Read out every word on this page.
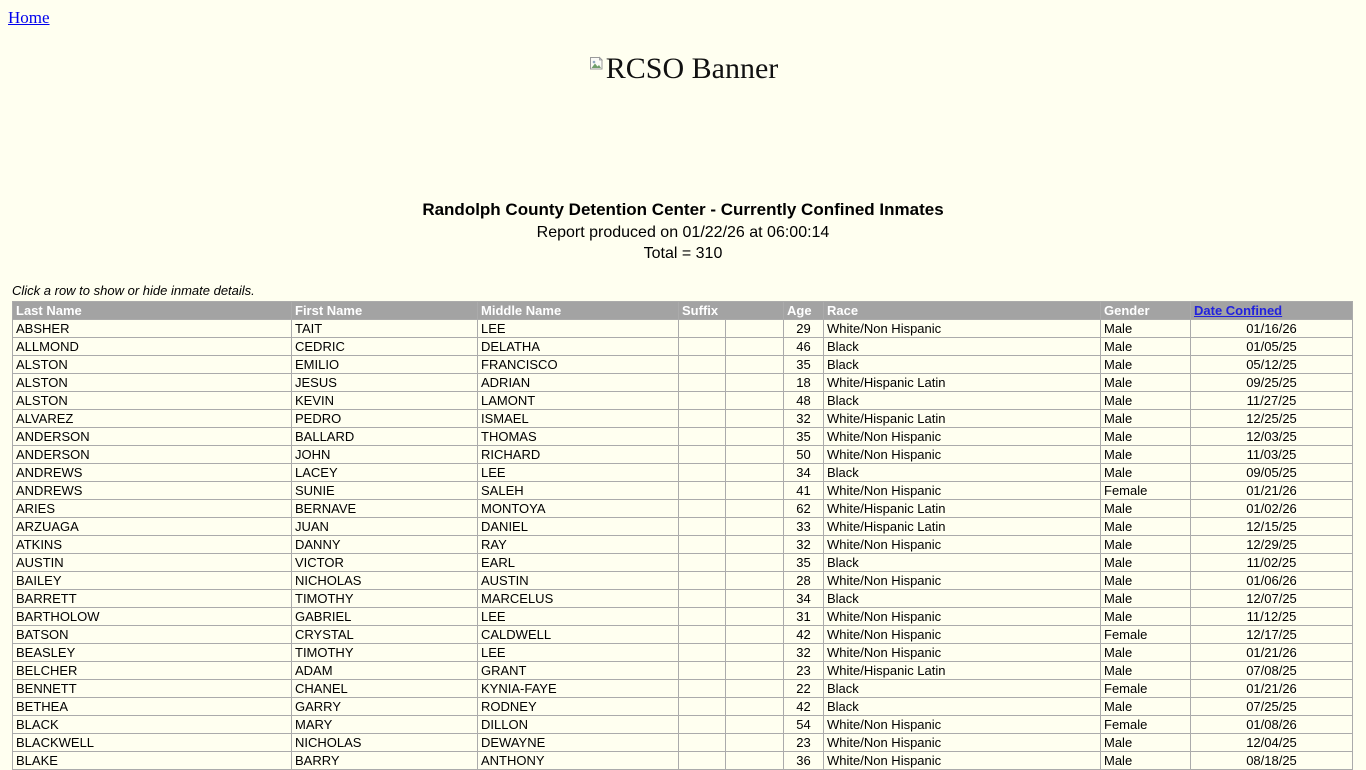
Home
RCSO Banner
Randolph County Detention Center - Currently Confined Inmates
Report produced on 01/22/26 at 06:00:14
Total = 310
Click a row to show or hide inmate details.
Last Name	First Name	Middle Name	Suffix		Age	Race	Gender	Date Confined
ABSHER	TAIT	LEE			29	White/Non Hispanic	Male	01/16/26
ALLMOND	CEDRIC	DELATHA			46	Black	Male	01/05/25
ALSTON	EMILIO	FRANCISCO			35	Black	Male	05/12/25
ALSTON	JESUS	ADRIAN			18	White/Hispanic Latin	Male	09/25/25
ALSTON	KEVIN	LAMONT			48	Black	Male	11/27/25
ALVAREZ	PEDRO	ISMAEL			32	White/Hispanic Latin	Male	12/25/25
ANDERSON	BALLARD	THOMAS			35	White/Non Hispanic	Male	12/03/25
ANDERSON	JOHN	RICHARD			50	White/Non Hispanic	Male	11/03/25
ANDREWS	LACEY	LEE			34	Black	Male	09/05/25
ANDREWS	SUNIE	SALEH			41	White/Non Hispanic	Female	01/21/26
ARIES	BERNAVE	MONTOYA			62	White/Hispanic Latin	Male	01/02/26
ARZUAGA	JUAN	DANIEL			33	White/Hispanic Latin	Male	12/15/25
ATKINS	DANNY	RAY			32	White/Non Hispanic	Male	12/29/25
AUSTIN	VICTOR	EARL			35	Black	Male	11/02/25
BAILEY	NICHOLAS	AUSTIN			28	White/Non Hispanic	Male	01/06/26
BARRETT	TIMOTHY	MARCELUS			34	Black	Male	12/07/25
BARTHOLOW	GABRIEL	LEE			31	White/Non Hispanic	Male	11/12/25
BATSON	CRYSTAL	CALDWELL			42	White/Non Hispanic	Female	12/17/25
BEASLEY	TIMOTHY	LEE			32	White/Non Hispanic	Male	01/21/26
BELCHER	ADAM	GRANT			23	White/Hispanic Latin	Male	07/08/25
BENNETT	CHANEL	KYNIA-FAYE			22	Black	Female	01/21/26
BETHEA	GARRY	RODNEY			42	Black	Male	07/25/25
BLACK	MARY	DILLON			54	White/Non Hispanic	Female	01/08/26
BLACKWELL	NICHOLAS	DEWAYNE			23	White/Non Hispanic	Male	12/04/25
BLAKE	BARRY	ANTHONY			36	White/Non Hispanic	Male	08/18/25
